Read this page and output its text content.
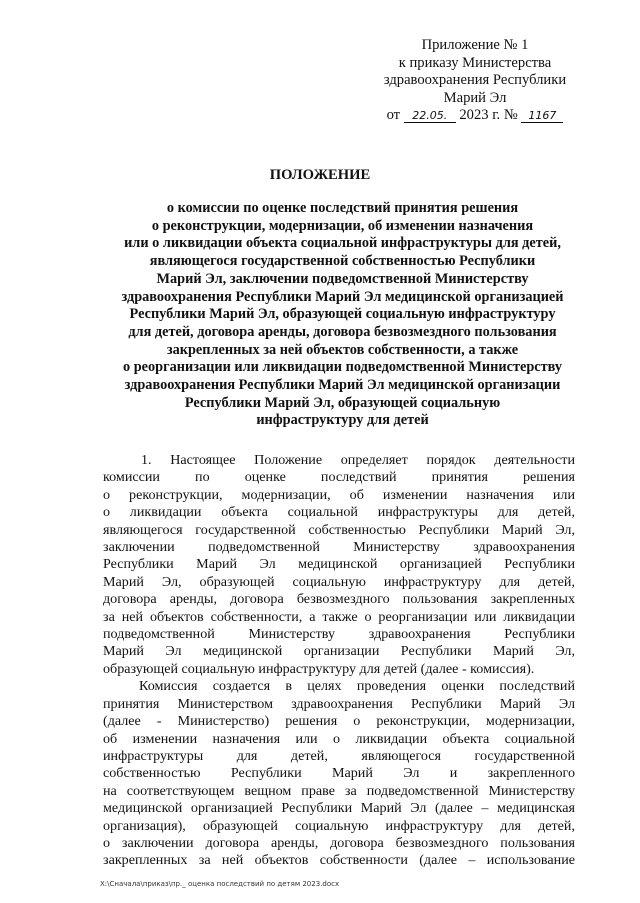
Приложение № 1
к приказу Министерства
здравоохранения Республики
Марий Эл
от 22.05. 2023 г. № 1167
ПОЛОЖЕНИЕ
о комиссии по оценке последствий принятия решения
о реконструкции, модернизации, об изменении назначения
или о ликвидации объекта социальной инфраструктуры для детей,
являющегося государственной собственностью Республики
Марий Эл, заключении подведомственной Министерству
здравоохранения Республики Марий Эл медицинской организацией
Республики Марий Эл, образующей социальную инфраструктуру
для детей, договора аренды, договора безвозмездного пользования
закрепленных за ней объектов собственности, а также
о реорганизации или ликвидации подведомственной Министерству
здравоохранения Республики Марий Эл медицинской организации
Республики Марий Эл, образующей социальную
инфраструктуру для детей
1. Настоящее Положение определяет порядок деятельности
комиссии по оценке последствий принятия решения
о реконструкции, модернизации, об изменении назначения или
о ликвидации объекта социальной инфраструктуры для детей,
являющегося государственной собственностью Республики Марий Эл,
заключении подведомственной Министерству здравоохранения
Республики Марий Эл медицинской организацией Республики
Марий Эл, образующей социальную инфраструктуру для детей,
договора аренды, договора безвозмездного пользования закрепленных
за ней объектов собственности, а также о реорганизации или ликвидации
подведомственной Министерству здравоохранения Республики
Марий Эл медицинской организации Республики Марий Эл,
образующей социальную инфраструктуру для детей (далее - комиссия).
Комиссия создается в целях проведения оценки последствий
принятия Министерством здравоохранения Республики Марий Эл
(далее - Министерство) решения о реконструкции, модернизации,
об изменении назначения или о ликвидации объекта социальной
инфраструктуры для детей, являющегося государственной
собственностью Республики Марий Эл и закрепленного
на соответствующем вещном праве за подведомственной Министерству
медицинской организацией Республики Марий Эл (далее – медицинская
организация), образующей социальную инфраструктуру для детей,
о заключении договора аренды, договора безвозмездного пользования
закрепленных за ней объектов собственности (далее – использование
X:\Сначала\приказ\пр._ оценка последствий по детям 2023.docx
